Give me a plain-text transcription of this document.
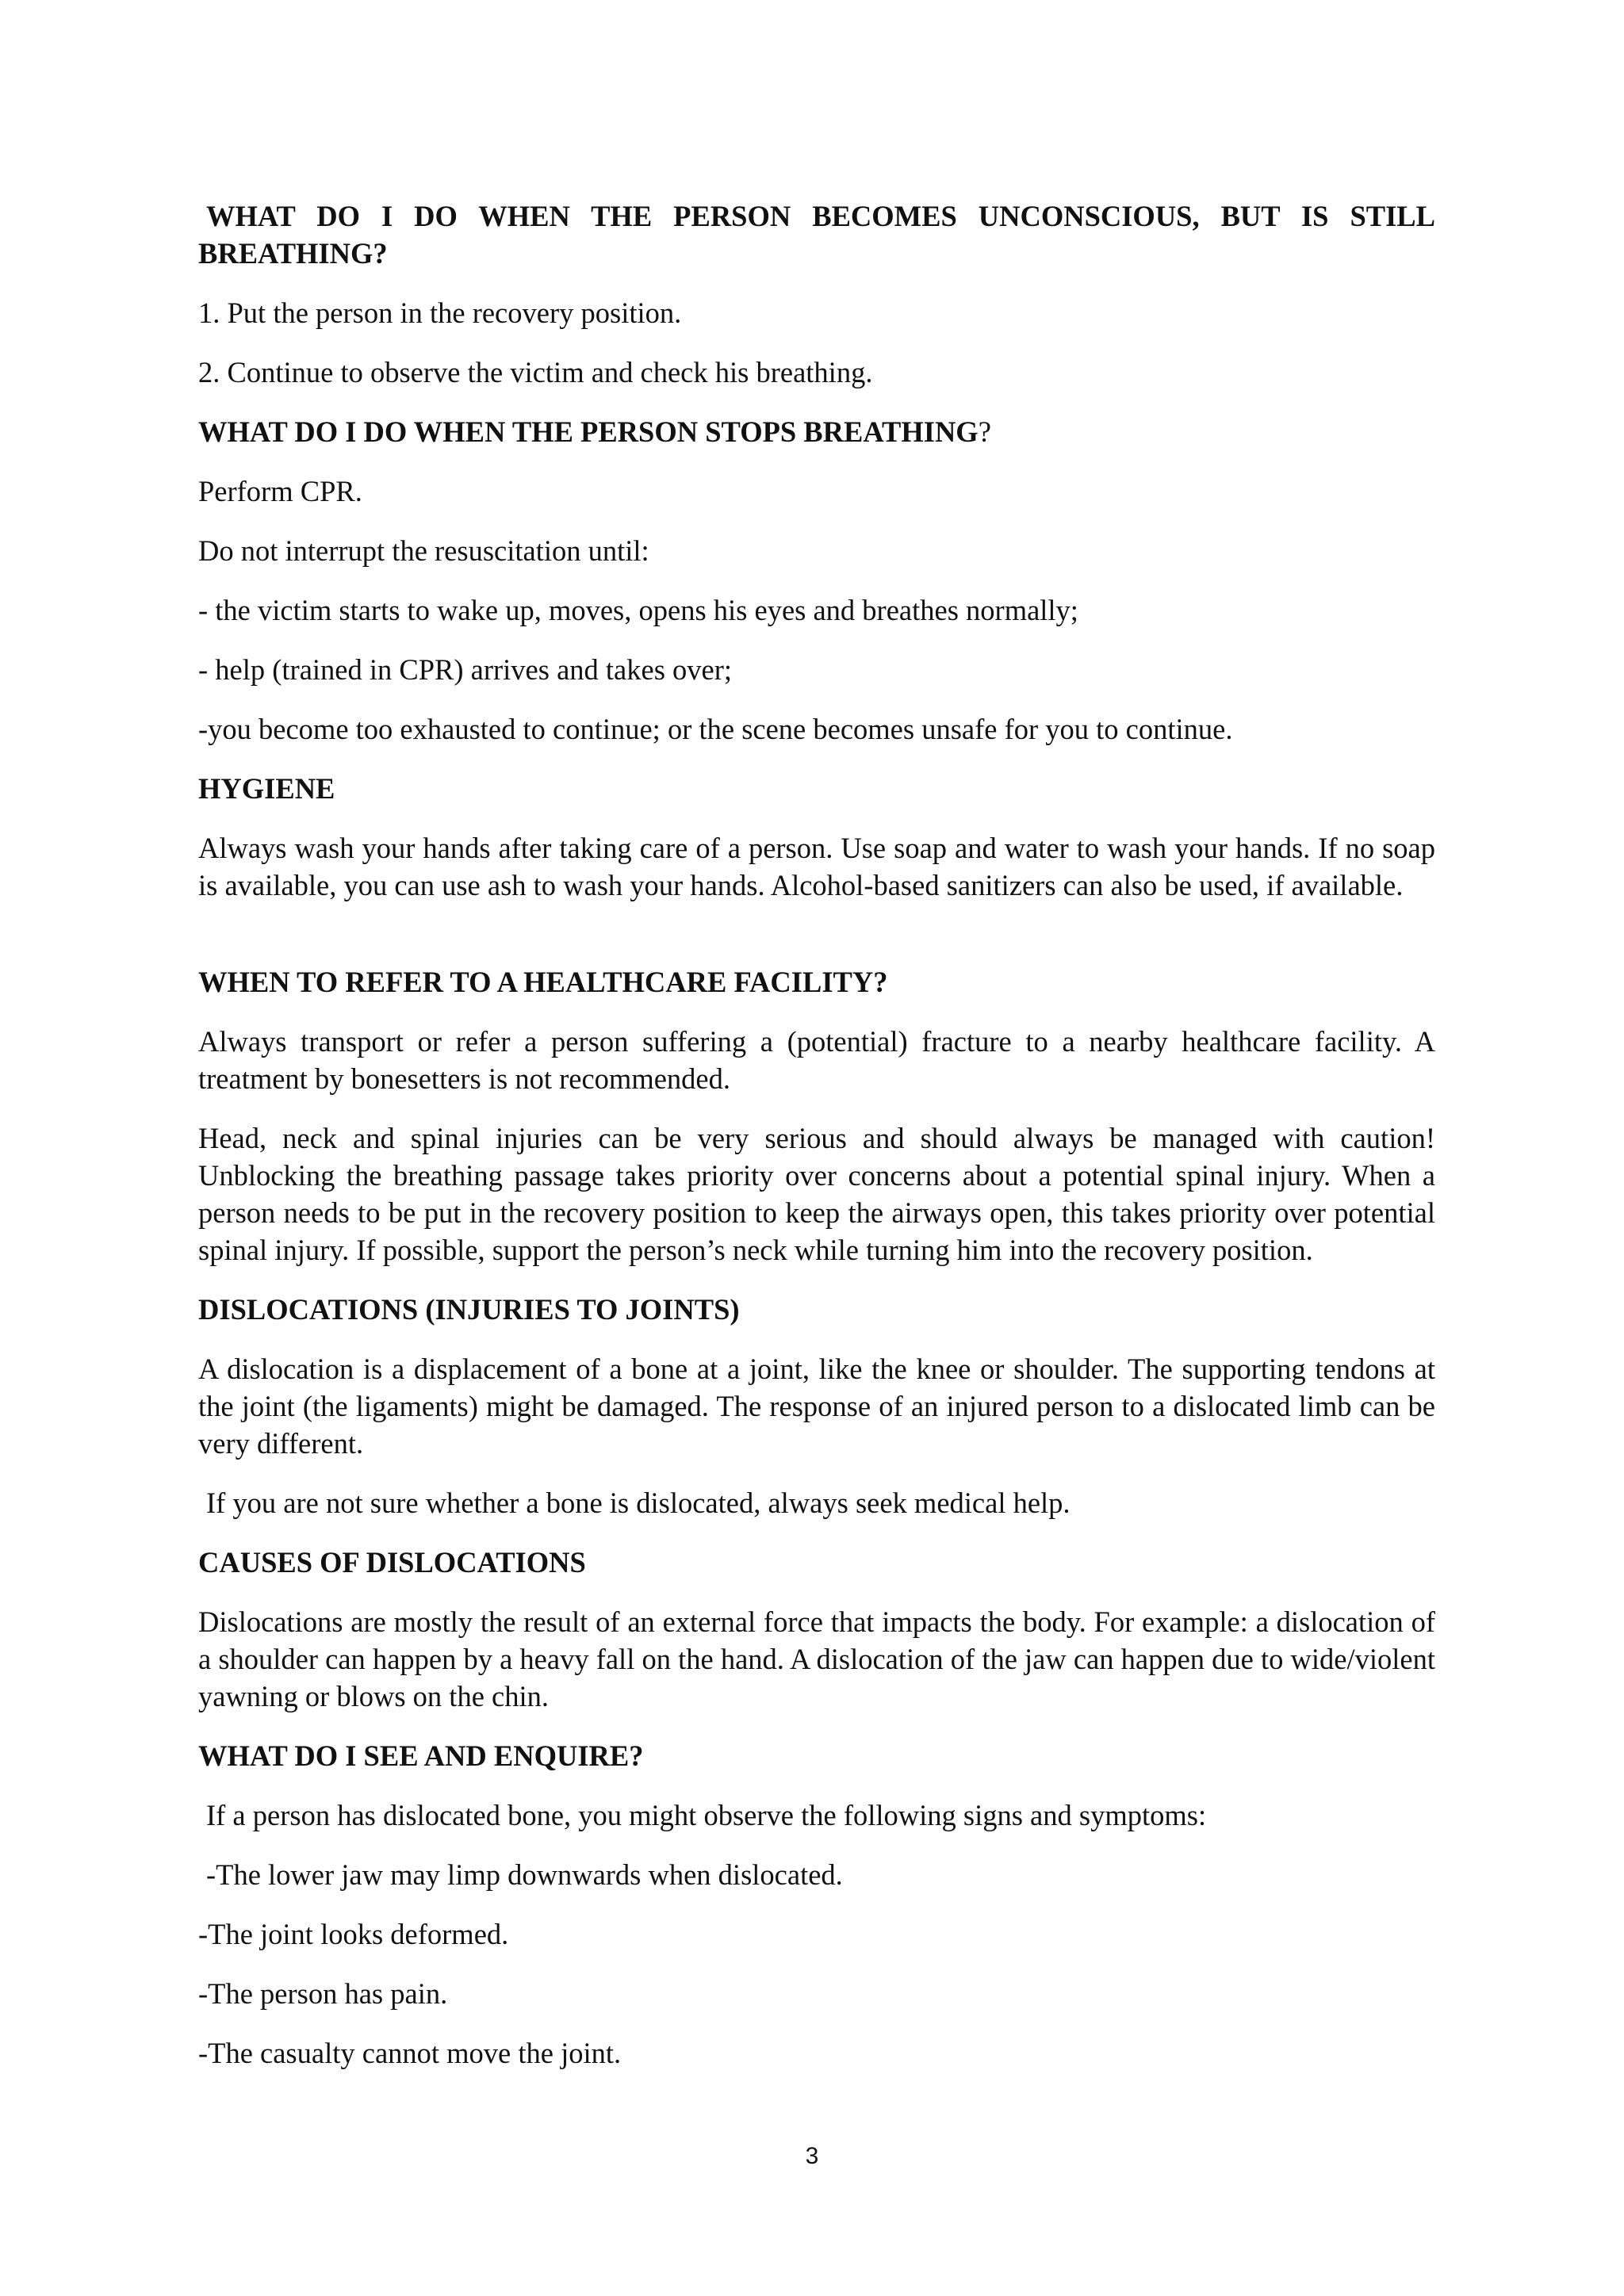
WHAT DO I DO WHEN THE PERSON BECOMES UNCONSCIOUS, BUT IS STILL

BREATHING?

1. Put the person in the recovery position.

2. Continue to observe the victim and check his breathing.

WHAT DO I DO WHEN THE PERSON STOPS BREATHING?

Perform CPR.

Do not interrupt the resuscitation until:

- the victim starts to wake up, moves, opens his eyes and breathes normally;

- help (trained in CPR) arrives and takes over;

-you become too exhausted to continue; or the scene becomes unsafe for you to continue.

HYGIENE

Always wash your hands after taking care of a person. Use soap and water to wash your hands. If no soap is available, you can use ash to wash your hands. Alcohol-based sanitizers can also be used, if available.

WHEN TO REFER TO A HEALTHCARE FACILITY?

Always transport or refer a person suffering a (potential) fracture to a nearby healthcare facility. A treatment by bonesetters is not recommended.

Head, neck and spinal injuries can be very serious and should always be managed with caution! Unblocking the breathing passage takes priority over concerns about a potential spinal injury. When a person needs to be put in the recovery position to keep the airways open, this takes priority over potential spinal injury. If possible, support the person’s neck while turning him into the recovery position.

DISLOCATIONS (INJURIES TO JOINTS)

A dislocation is a displacement of a bone at a joint, like the knee or shoulder. The supporting tendons at the joint (the ligaments) might be damaged. The response of an injured person to a dislocated limb can be very different.

If you are not sure whether a bone is dislocated, always seek medical help.

CAUSES OF DISLOCATIONS

Dislocations are mostly the result of an external force that impacts the body. For example: a dislocation of a shoulder can happen by a heavy fall on the hand. A dislocation of the jaw can happen due to wide/violent yawning or blows on the chin.

WHAT DO I SEE AND ENQUIRE?

If a person has dislocated bone, you might observe the following signs and symptoms:

-The lower jaw may limp downwards when dislocated.

-The joint looks deformed.

-The person has pain.

-The casualty cannot move the joint.

3
